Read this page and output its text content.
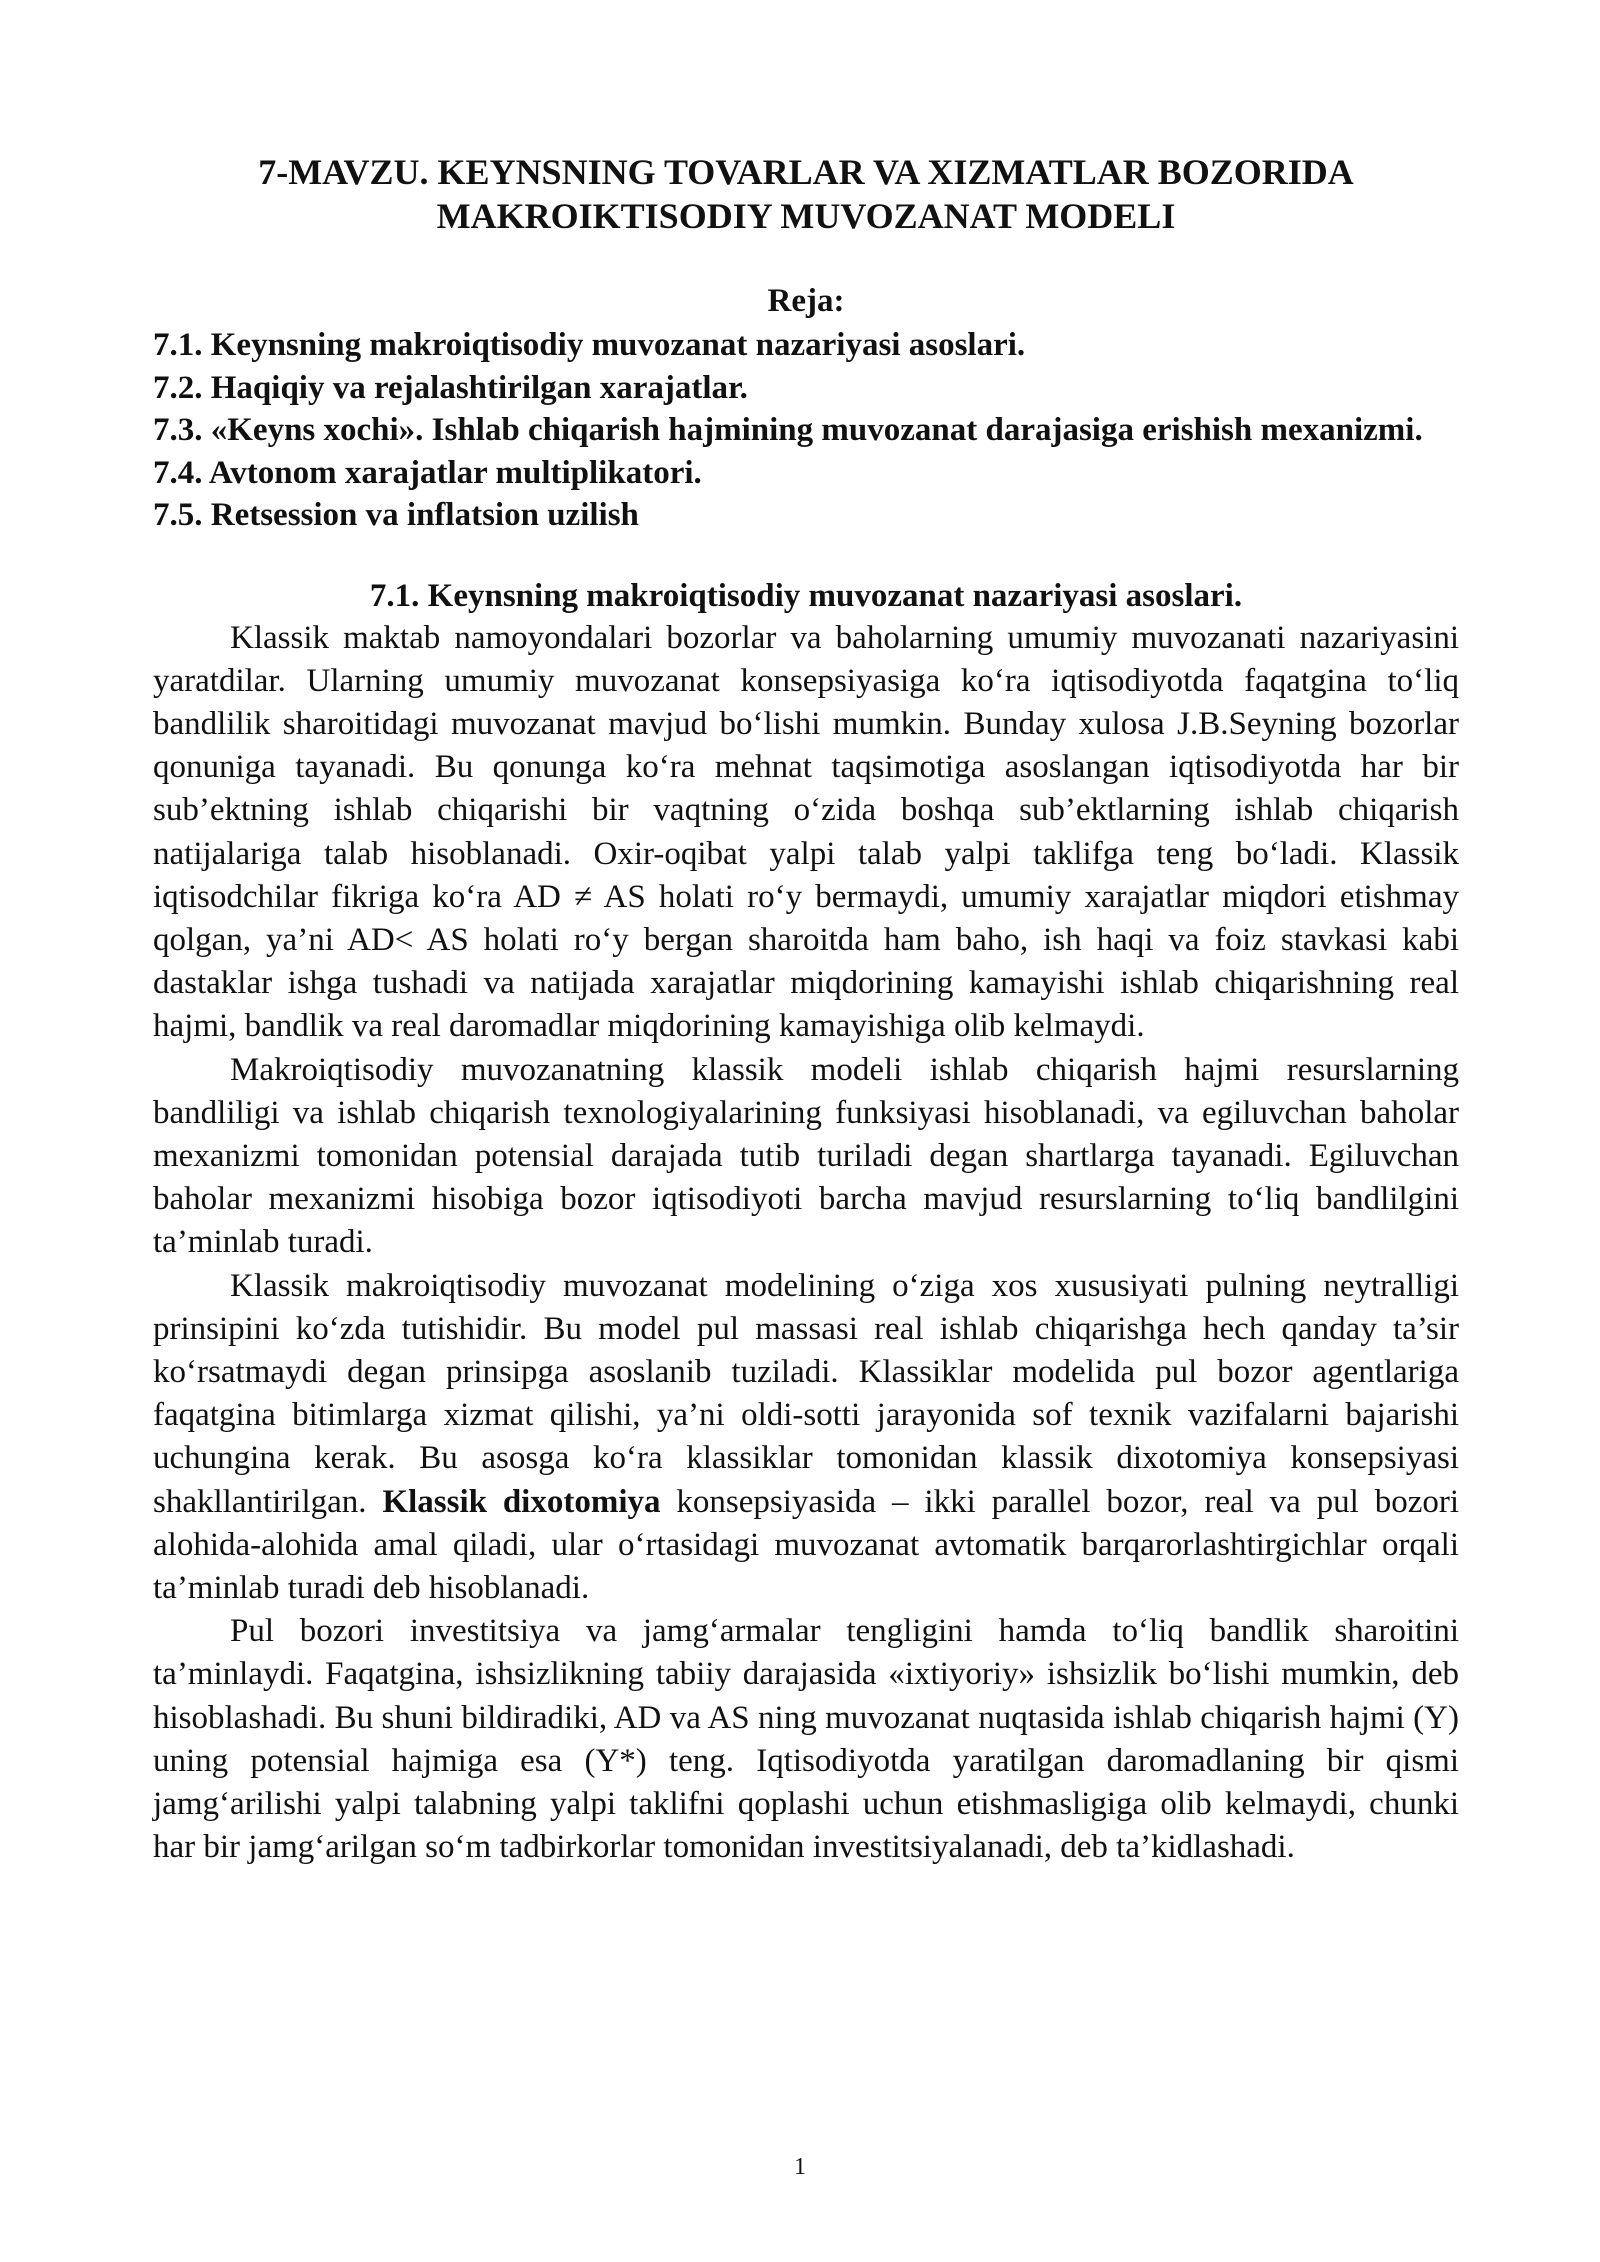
7-MAVZU. KEYNSNING TOVARLAR VA XIZMATLAR BOZORIDA
MAKROIKTISODIY MUVOZANAT MODELI
Reja:
7.1. Keynsning makroiqtisodiy muvozanat nazariyasi asoslari.
7.2. Haqiqiy va rejalashtirilgan xarajatlar.
7.3. «Keyns xochi». Ishlab chiqarish hajmining muvozanat darajasiga erishish mexanizmi.
7.4. Avtonom xarajatlar multiplikatori.
7.5. Retsession va inflatsion uzilish
7.1. Keynsning makroiqtisodiy muvozanat nazariyasi asoslari.

Klassik maktab namoyondalari bozorlar va baholarning umumiy muvozanati nazariyasini yaratdilar. Ularning umumiy muvozanat konsepsiyasiga ko‘ra iqtisodiyotda faqatgina to‘liq bandlilik sharoitidagi muvozanat mavjud bo‘lishi mumkin. Bunday xulosa J.B.Seyning bozorlar qonuniga tayanadi. Bu qonunga ko‘ra mehnat taqsimotiga asoslangan iqtisodiyotda har bir sub’ektning ishlab chiqarishi bir vaqtning o‘zida boshqa sub’ektlarning ishlab chiqarish natijalariga talab hisoblanadi. Oxir-oqibat yalpi talab yalpi taklifga teng bo‘ladi. Klassik iqtisodchilar fikriga ko‘ra AD ≠ AS holati ro‘y bermaydi, umumiy xarajatlar miqdori etishmay qolgan, ya’ni AD< AS holati ro‘y bergan sharoitda ham baho, ish haqi va foiz stavkasi kabi dastaklar ishga tushadi va natijada xarajatlar miqdorining kamayishi ishlab chiqarishning real hajmi, bandlik va real daromadlar miqdorining kamayishiga olib kelmaydi.

Makroiqtisodiy muvozanatning klassik modeli ishlab chiqarish hajmi resurslarning bandliligi va ishlab chiqarish texnologiyalarining funksiyasi hisoblanadi, va egiluvchan baholar mexanizmi tomonidan potensial darajada tutib turiladi degan shartlarga tayanadi. Egiluvchan baholar mexanizmi hisobiga bozor iqtisodiyoti barcha mavjud resurslarning to‘liq bandlilgini ta’minlab turadi.

Klassik makroiqtisodiy muvozanat modelining o‘ziga xos xususiyati pulning neytralligi prinsipini ko‘zda tutishidir. Bu model pul massasi real ishlab chiqarishga hech qanday ta’sir ko‘rsatmaydi degan prinsipga asoslanib tuziladi. Klassiklar modelida pul bozor agentlariga faqatgina bitimlarga xizmat qilishi, ya’ni oldi-sotti jarayonida sof texnik vazifalarni bajarishi uchungina kerak. Bu asosga ko‘ra klassiklar tomonidan klassik dixotomiya konsepsiyasi shakllantirilgan. Klassik dixotomiya konsepsiyasida – ikki parallel bozor, real va pul bozori alohida-alohida amal qiladi, ular o‘rtasidagi muvozanat avtomatik barqarorlashtirgichlar orqali ta’minlab turadi deb hisoblanadi.

Pul bozori investitsiya va jamg‘armalar tengligini hamda to‘liq bandlik sharoitini ta’minlaydi. Faqatgina, ishsizlikning tabiiy darajasida «ixtiyoriy» ishsizlik bo‘lishi mumkin, deb hisoblashadi. Bu shuni bildiradiki, AD va AS ning muvozanat nuqtasida ishlab chiqarish hajmi (Y) uning potensial hajmiga esa (Y*) teng. Iqtisodiyotda yaratilgan daromadlaning bir qismi jamg‘arilishi yalpi talabning yalpi taklifni qoplashi uchun etishmasligiga olib kelmaydi, chunki har bir jamg‘arilgan so‘m tadbirkorlar tomonidan investitsiyalanadi, deb ta’kidlashadi.

1
